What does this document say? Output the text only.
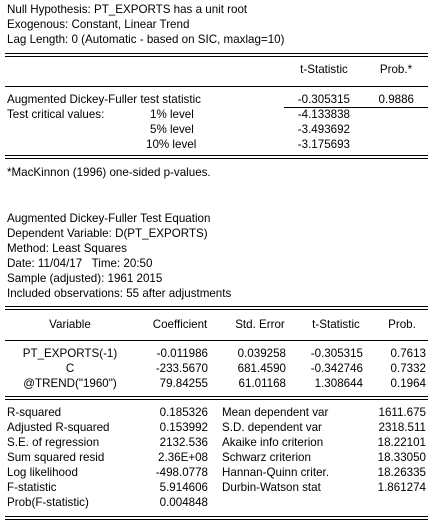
Null Hypothesis: PT_EXPORTS has a unit root
Exogenous: Constant, Linear Trend
Lag Length: 0 (Automatic - based on SIC, maxlag=10)
t-Statistic	Prob.*
Augmented Dickey-Fuller test statistic	-0.305315	0.9886
Test critical values:	1% level	-4.133838
5% level	-3.493692
10% level	-3.175693
*MacKinnon (1996) one-sided p-values.
Augmented Dickey-Fuller Test Equation
Dependent Variable: D(PT_EXPORTS)
Method: Least Squares
Date: 11/04/17   Time: 20:50
Sample (adjusted): 1961 2015
Included observations: 55 after adjustments
Variable	Coefficient	Std. Error	t-Statistic	Prob.
PT_EXPORTS(-1)	-0.011986	0.039258	-0.305315	0.7613
C	-233.5670	681.4590	-0.342746	0.7332
@TREND("1960")	79.84255	61.01168	1.308644	0.1964
R-squared	0.185326 Mean dependent var	1611.675
Adjusted R-squared	0.153992 S.D. dependent var	2318.511
S.E. of regression	2132.536 Akaike info criterion	18.22101
Sum squared resid	2.36E+08 Schwarz criterion	18.33050
Log likelihood	-498.0778 Hannan-Quinn criter.	18.26335
F-statistic	5.914606 Durbin-Watson stat	1.861274
Prob(F-statistic)	0.004848
